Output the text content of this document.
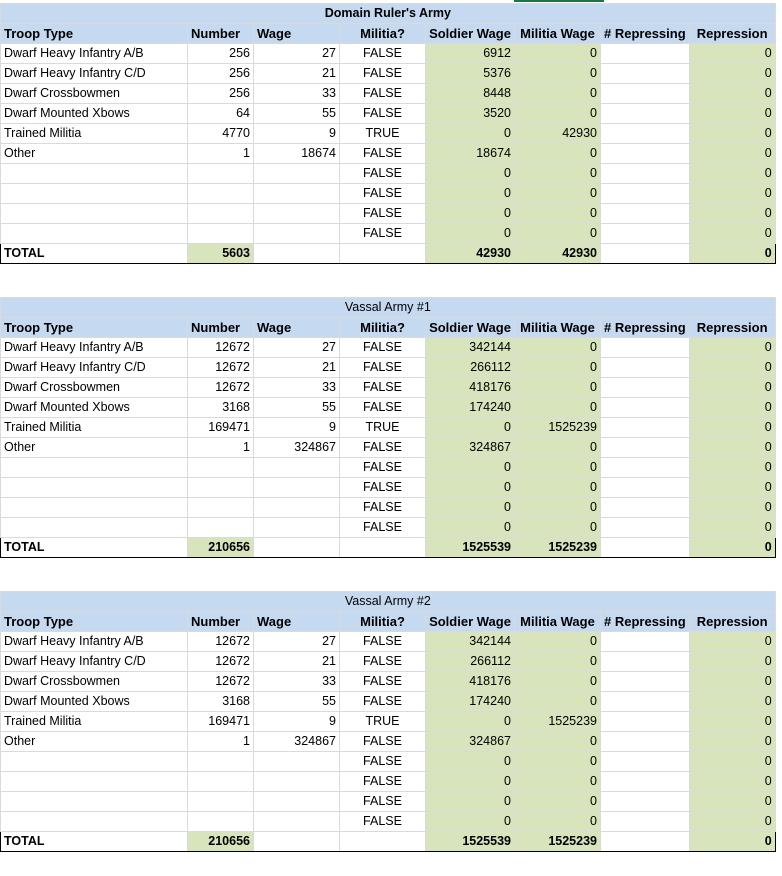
Domain Ruler's Army							
Troop Type	Number	Wage	Militia?	Soldier Wage	Militia Wage	# Repressing	Repression
Dwarf Heavy Infantry A/B	256	27	FALSE	6912	0		0
Dwarf Heavy Infantry C/D	256	21	FALSE	5376	0		0
Dwarf Crossbowmen	256	33	FALSE	8448	0		0
Dwarf Mounted Xbows	64	55	FALSE	3520	0		0
Trained Militia	4770	9	TRUE	0	42930		0
Other	1	18674	FALSE	18674	0		0
			FALSE	0	0		0
			FALSE	0	0		0
			FALSE	0	0		0
			FALSE	0	0		0
TOTAL	5603			42930	42930		0
Vassal Army #1							
Troop Type	Number	Wage	Militia?	Soldier Wage	Militia Wage	# Repressing	Repression
Dwarf Heavy Infantry A/B	12672	27	FALSE	342144	0		0
Dwarf Heavy Infantry C/D	12672	21	FALSE	266112	0		0
Dwarf Crossbowmen	12672	33	FALSE	418176	0		0
Dwarf Mounted Xbows	3168	55	FALSE	174240	0		0
Trained Militia	169471	9	TRUE	0	1525239		0
Other	1	324867	FALSE	324867	0		0
			FALSE	0	0		0
			FALSE	0	0		0
			FALSE	0	0		0
			FALSE	0	0		0
TOTAL	210656			1525539	1525239		0
Vassal Army #2							
Troop Type	Number	Wage	Militia?	Soldier Wage	Militia Wage	# Repressing	Repression
Dwarf Heavy Infantry A/B	12672	27	FALSE	342144	0		0
Dwarf Heavy Infantry C/D	12672	21	FALSE	266112	0		0
Dwarf Crossbowmen	12672	33	FALSE	418176	0		0
Dwarf Mounted Xbows	3168	55	FALSE	174240	0		0
Trained Militia	169471	9	TRUE	0	1525239		0
Other	1	324867	FALSE	324867	0		0
			FALSE	0	0		0
			FALSE	0	0		0
			FALSE	0	0		0
			FALSE	0	0		0
TOTAL	210656			1525539	1525239		0
